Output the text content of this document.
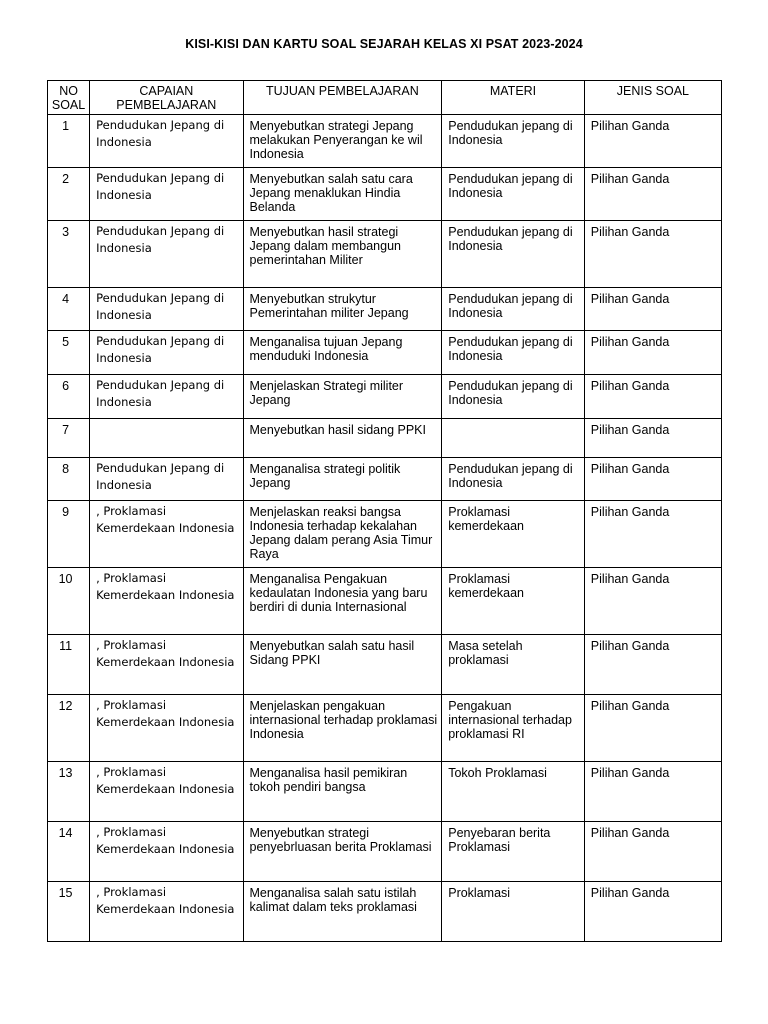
KISI-KISI DAN KARTU SOAL SEJARAH KELAS XI PSAT 2023-2024
NO SOAL	CAPAIAN PEMBELAJARAN	TUJUAN PEMBELAJARAN	MATERI	JENIS SOAL
1	Pendudukan Jepang di Indonesia	Menyebutkan strategi Jepang melakukan Penyerangan ke wil Indonesia	Pendudukan jepang di Indonesia	Pilihan Ganda
2	Pendudukan Jepang di Indonesia	Menyebutkan salah satu cara Jepang menaklukan Hindia Belanda	Pendudukan jepang di Indonesia	Pilihan Ganda
3	Pendudukan Jepang di Indonesia	Menyebutkan hasil strategi Jepang dalam membangun pemerintahan Militer	Pendudukan jepang di Indonesia	Pilihan Ganda
4	Pendudukan Jepang di Indonesia	Menyebutkan strukytur Pemerintahan militer Jepang	Pendudukan jepang di Indonesia	Pilihan Ganda
5	Pendudukan Jepang di Indonesia	Menganalisa tujuan Jepang menduduki Indonesia	Pendudukan jepang di Indonesia	Pilihan Ganda
6	Pendudukan Jepang di Indonesia	Menjelaskan Strategi militer Jepang	Pendudukan jepang di Indonesia	Pilihan Ganda
7		Menyebutkan hasil sidang PPKI		Pilihan Ganda
8	Pendudukan Jepang di Indonesia	Menganalisa strategi politik Jepang	Pendudukan jepang di Indonesia	Pilihan Ganda
9	, Proklamasi Kemerdekaan Indonesia	Menjelaskan reaksi bangsa Indonesia terhadap kekalahan Jepang dalam perang Asia Timur Raya	Proklamasi kemerdekaan	Pilihan Ganda
10	, Proklamasi Kemerdekaan Indonesia	Menganalisa Pengakuan kedaulatan Indonesia yang baru berdiri di dunia Internasional	Proklamasi kemerdekaan	Pilihan Ganda
11	, Proklamasi Kemerdekaan Indonesia	Menyebutkan salah satu hasil Sidang PPKI	Masa setelah proklamasi	Pilihan Ganda
12	, Proklamasi Kemerdekaan Indonesia	Menjelaskan pengakuan internasional terhadap proklamasi Indonesia	Pengakuan internasional terhadap proklamasi RI	Pilihan Ganda
13	, Proklamasi Kemerdekaan Indonesia	Menganalisa hasil pemikiran tokoh pendiri bangsa	Tokoh Proklamasi	Pilihan Ganda
14	, Proklamasi Kemerdekaan Indonesia	Menyebutkan strategi penyebrluasan berita Proklamasi	Penyebaran berita Proklamasi	Pilihan Ganda
15	, Proklamasi Kemerdekaan Indonesia	Menganalisa salah satu istilah kalimat dalam teks proklamasi	Proklamasi	Pilihan Ganda
